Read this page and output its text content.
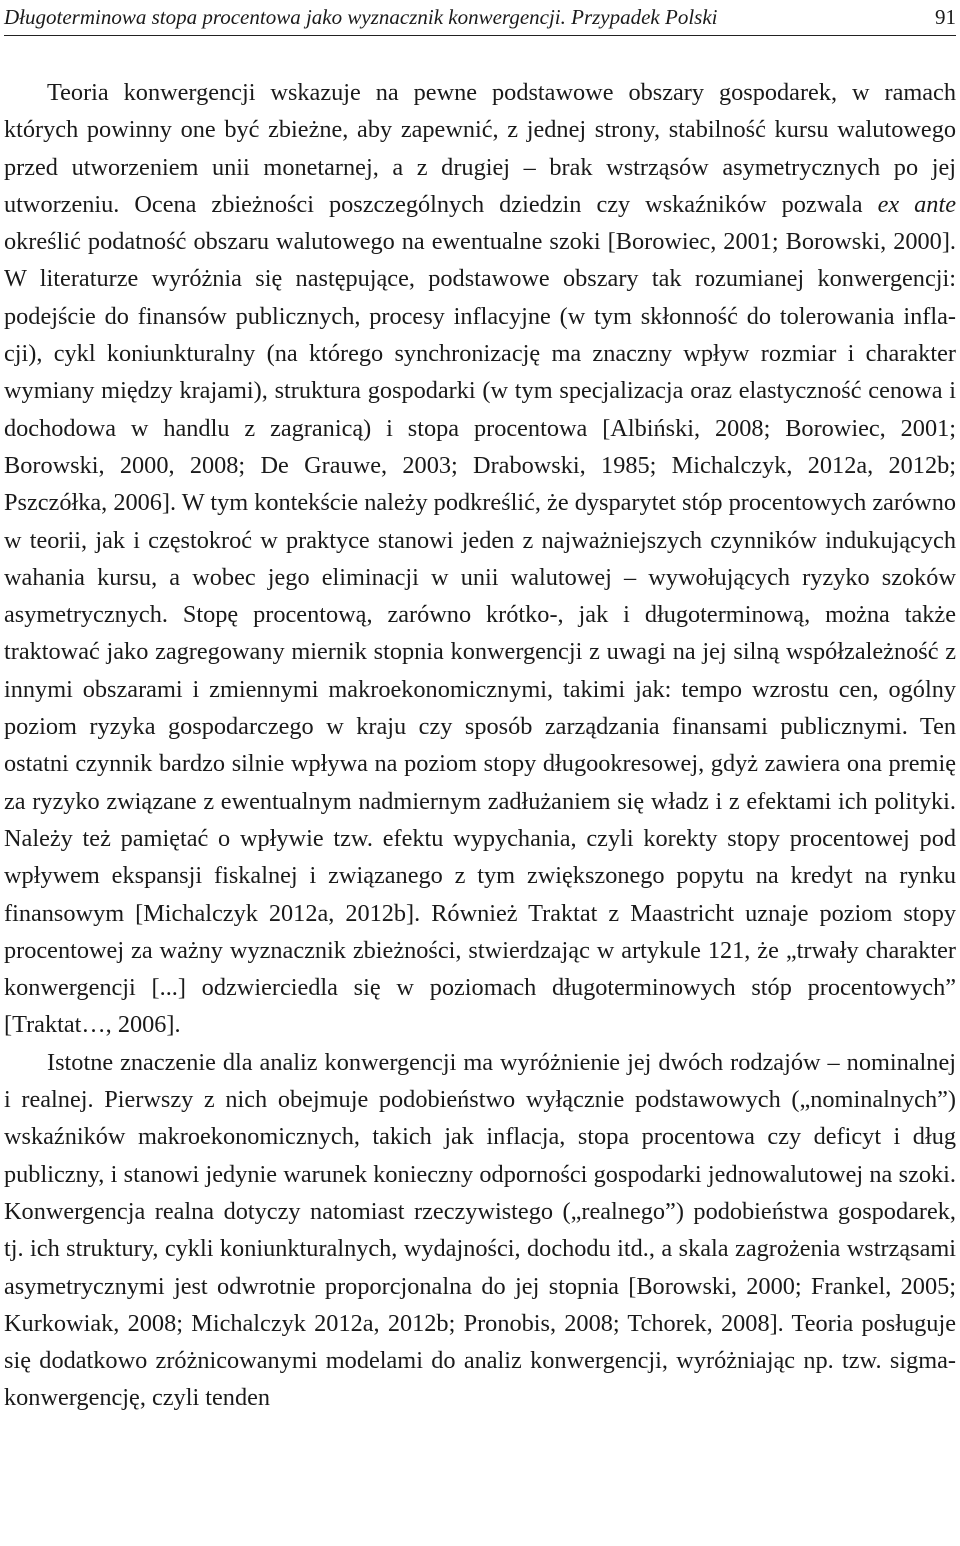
Długoterminowa stopa procentowa jako wyznacznik konwergencji. Przypadek Polski	91

Teoria konwergencji wskazuje na pewne podstawowe obszary gospodarek, w ramach których powinny one być zbieżne, aby zapewnić, z jednej strony, stabilność kursu walutowego przed utworzeniem unii monetarnej, a z drugiej – brak wstrząsów asymetrycznych po jej utworzeniu. Ocena zbieżności poszczególnych dziedzin czy wskaźników pozwala ex ante określić podatność obszaru walutowego na ewentualne szoki [Borowiec, 2001; Borowski, 2000]. W literaturze wyróżnia się następujące, podstawowe obszary tak rozumianej konwergencji: podejście do finansów publicznych, procesy inflacyjne (w tym skłonność do tolerowania inflacji), cykl koniunkturalny (na którego synchronizację ma znaczny wpływ rozmiar i charakter wymiany między krajami), struktura gospodarki (w tym specjalizacja oraz elastyczność cenowa i dochodowa w handlu z zagranicą) i stopa procentowa [Albiński, 2008; Borowiec, 2001; Borowski, 2000, 2008; De Grauwe, 2003; Drabowski, 1985; Michalczyk, 2012a, 2012b; Pszczółka, 2006]. W tym kontekście należy podkreślić, że dysparytet stóp procentowych zarówno w teorii, jak i częstokroć w praktyce stanowi jeden z najważniejszych czynników indukujących wahania kursu, a wobec jego eliminacji w unii walutowej – wywołujących ryzyko szoków asymetrycznych. Stopę procentową, zarówno krótko-, jak i długoterminową, można także traktować jako zagregowany miernik stopnia konwergencji z uwagi na jej silną współzależność z innymi obszarami i zmiennymi makroekonomicznymi, takimi jak: tempo wzrostu cen, ogólny poziom ryzyka gospodarczego w kraju czy sposób zarządzania finansami publicznymi. Ten ostatni czynnik bardzo silnie wpływa na poziom stopy długookresowej, gdyż zawiera ona premię za ryzyko związane z ewentualnym nadmiernym zadłużaniem się władz i z efektami ich polityki. Należy też pamiętać o wpływie tzw. efektu wypychania, czyli korekty stopy procentowej pod wpływem ekspansji fiskalnej i związanego z tym zwiększonego popytu na kredyt na rynku finansowym [Michalczyk 2012a, 2012b]. Również Traktat z Maastricht uznaje poziom stopy procentowej za ważny wyznacznik zbieżności, stwierdzając w artykule 121, że „trwały charakter konwergencji [...] odzwierciedla się w poziomach długoterminowych stóp procentowych” [Traktat…, 2006].

Istotne znaczenie dla analiz konwergencji ma wyróżnienie jej dwóch rodzajów – nominalnej i realnej. Pierwszy z nich obejmuje podobieństwo wyłącznie podstawowych („nominalnych”) wskaźników makroekonomicznych, takich jak inflacja, stopa procentowa czy deficyt i dług publiczny, i stanowi jedynie warunek konieczny odporności gospodarki jednowalutowej na szoki. Konwergencja realna dotyczy natomiast rzeczywistego („realnego”) podobieństwa gospodarek, tj. ich struktury, cykli koniunkturalnych, wydajności, dochodu itd., a skala zagrożenia wstrząsami asymetrycznymi jest odwrotnie proporcjonalna do jej stopnia [Borowski, 2000; Frankel, 2005; Kurkowiak, 2008; Michalczyk 2012a, 2012b; Pronobis, 2008; Tchorek, 2008]. Teoria posługuje się dodatkowo zróżnicowanymi modelami do analiz konwergencji, wyróżniając np. tzw. sigma-konwergencję, czyli tenden
